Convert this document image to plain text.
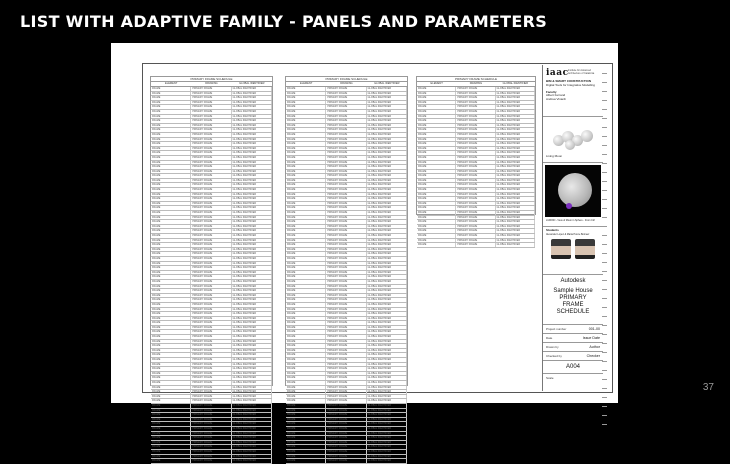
LIST WITH ADAPTIVE FAMILY - PANELS AND PARAMETERS
PRIMARY FRAME SCHEDULE
ELEMENT	DRAWING	GLOBAL IDENTIFIER
FRAME	PRIMARY FRAME	GLOBAL IDENTIFIER
FRAME	PRIMARY FRAME	GLOBAL IDENTIFIER
FRAME	PRIMARY FRAME	GLOBAL IDENTIFIER
FRAME	PRIMARY FRAME	GLOBAL IDENTIFIER
FRAME	PRIMARY FRAME	GLOBAL IDENTIFIER
FRAME	PRIMARY FRAME	GLOBAL IDENTIFIER
FRAME	PRIMARY FRAME	GLOBAL IDENTIFIER
FRAME	PRIMARY FRAME	GLOBAL IDENTIFIER
FRAME	PRIMARY FRAME	GLOBAL IDENTIFIER
FRAME	PRIMARY FRAME	GLOBAL IDENTIFIER
FRAME	PRIMARY FRAME	GLOBAL IDENTIFIER
FRAME	PRIMARY FRAME	GLOBAL IDENTIFIER
FRAME	PRIMARY FRAME	GLOBAL IDENTIFIER
FRAME	PRIMARY FRAME	GLOBAL IDENTIFIER
FRAME	PRIMARY FRAME	GLOBAL IDENTIFIER
FRAME	PRIMARY FRAME	GLOBAL IDENTIFIER
FRAME	PRIMARY FRAME	GLOBAL IDENTIFIER
FRAME	PRIMARY FRAME	GLOBAL IDENTIFIER
FRAME	PRIMARY FRAME	GLOBAL IDENTIFIER
FRAME	PRIMARY FRAME	GLOBAL IDENTIFIER
FRAME	PRIMARY FRAME	GLOBAL IDENTIFIER
FRAME	PRIMARY FRAME	GLOBAL IDENTIFIER
FRAME	PRIMARY FRAME	GLOBAL IDENTIFIER
FRAME	PRIMARY FRAME	GLOBAL IDENTIFIER
FRAME	PRIMARY FRAME	GLOBAL IDENTIFIER
FRAME	PRIMARY FRAME	GLOBAL IDENTIFIER
FRAME	PRIMARY FRAME	GLOBAL IDENTIFIER
FRAME	PRIMARY FRAME	GLOBAL IDENTIFIER
FRAME	PRIMARY FRAME	GLOBAL IDENTIFIER
FRAME	PRIMARY FRAME	GLOBAL IDENTIFIER
FRAME	PRIMARY FRAME	GLOBAL IDENTIFIER
FRAME	PRIMARY FRAME	GLOBAL IDENTIFIER
FRAME	PRIMARY FRAME	GLOBAL IDENTIFIER
FRAME	PRIMARY FRAME	GLOBAL IDENTIFIER
FRAME	PRIMARY FRAME	GLOBAL IDENTIFIER
FRAME	PRIMARY FRAME	GLOBAL IDENTIFIER
FRAME	PRIMARY FRAME	GLOBAL IDENTIFIER
FRAME	PRIMARY FRAME	GLOBAL IDENTIFIER
FRAME	PRIMARY FRAME	GLOBAL IDENTIFIER
FRAME	PRIMARY FRAME	GLOBAL IDENTIFIER
FRAME	PRIMARY FRAME	GLOBAL IDENTIFIER
FRAME	PRIMARY FRAME	GLOBAL IDENTIFIER
FRAME	PRIMARY FRAME	GLOBAL IDENTIFIER
FRAME	PRIMARY FRAME	GLOBAL IDENTIFIER
FRAME	PRIMARY FRAME	GLOBAL IDENTIFIER
FRAME	PRIMARY FRAME	GLOBAL IDENTIFIER
FRAME	PRIMARY FRAME	GLOBAL IDENTIFIER
FRAME	PRIMARY FRAME	GLOBAL IDENTIFIER
FRAME	PRIMARY FRAME	GLOBAL IDENTIFIER
FRAME	PRIMARY FRAME	GLOBAL IDENTIFIER
FRAME	PRIMARY FRAME	GLOBAL IDENTIFIER
FRAME	PRIMARY FRAME	GLOBAL IDENTIFIER
FRAME	PRIMARY FRAME	GLOBAL IDENTIFIER
FRAME	PRIMARY FRAME	GLOBAL IDENTIFIER
FRAME	PRIMARY FRAME	GLOBAL IDENTIFIER
FRAME	PRIMARY FRAME	GLOBAL IDENTIFIER
FRAME	PRIMARY FRAME	GLOBAL IDENTIFIER
FRAME	PRIMARY FRAME	GLOBAL IDENTIFIER
FRAME	PRIMARY FRAME	GLOBAL IDENTIFIER
FRAME	PRIMARY FRAME	GLOBAL IDENTIFIER
FRAME	PRIMARY FRAME	GLOBAL IDENTIFIER
FRAME	PRIMARY FRAME	GLOBAL IDENTIFIER
FRAME	PRIMARY FRAME	GLOBAL IDENTIFIER
FRAME	PRIMARY FRAME	GLOBAL IDENTIFIER
FRAME	PRIMARY FRAME	GLOBAL IDENTIFIER
FRAME	PRIMARY FRAME	GLOBAL IDENTIFIER
FRAME	PRIMARY FRAME	GLOBAL IDENTIFIER
FRAME	PRIMARY FRAME	GLOBAL IDENTIFIER
FRAME	PRIMARY FRAME	GLOBAL IDENTIFIER
FRAME	PRIMARY FRAME	GLOBAL IDENTIFIER
FRAME	PRIMARY FRAME	GLOBAL IDENTIFIER
FRAME	PRIMARY FRAME	GLOBAL IDENTIFIER
FRAME	PRIMARY FRAME	GLOBAL IDENTIFIER
FRAME	PRIMARY FRAME	GLOBAL IDENTIFIER
FRAME	PRIMARY FRAME	GLOBAL IDENTIFIER
FRAME	PRIMARY FRAME	GLOBAL IDENTIFIER
FRAME	PRIMARY FRAME	GLOBAL IDENTIFIER
FRAME	PRIMARY FRAME	GLOBAL IDENTIFIER
FRAME	PRIMARY FRAME	GLOBAL IDENTIFIER
FRAME	PRIMARY FRAME	GLOBAL IDENTIFIER
FRAME	PRIMARY FRAME	GLOBAL IDENTIFIER
FRAME	PRIMARY FRAME	GLOBAL IDENTIFIER
PRIMARY FRAME SCHEDULE
ELEMENT	DRAWING	GLOBAL IDENTIFIER
FRAME	PRIMARY FRAME	GLOBAL IDENTIFIER
FRAME	PRIMARY FRAME	GLOBAL IDENTIFIER
FRAME	PRIMARY FRAME	GLOBAL IDENTIFIER
FRAME	PRIMARY FRAME	GLOBAL IDENTIFIER
FRAME	PRIMARY FRAME	GLOBAL IDENTIFIER
FRAME	PRIMARY FRAME	GLOBAL IDENTIFIER
FRAME	PRIMARY FRAME	GLOBAL IDENTIFIER
FRAME	PRIMARY FRAME	GLOBAL IDENTIFIER
FRAME	PRIMARY FRAME	GLOBAL IDENTIFIER
FRAME	PRIMARY FRAME	GLOBAL IDENTIFIER
FRAME	PRIMARY FRAME	GLOBAL IDENTIFIER
FRAME	PRIMARY FRAME	GLOBAL IDENTIFIER
FRAME	PRIMARY FRAME	GLOBAL IDENTIFIER
FRAME	PRIMARY FRAME	GLOBAL IDENTIFIER
FRAME	PRIMARY FRAME	GLOBAL IDENTIFIER
FRAME	PRIMARY FRAME	GLOBAL IDENTIFIER
FRAME	PRIMARY FRAME	GLOBAL IDENTIFIER
FRAME	PRIMARY FRAME	GLOBAL IDENTIFIER
FRAME	PRIMARY FRAME	GLOBAL IDENTIFIER
FRAME	PRIMARY FRAME	GLOBAL IDENTIFIER
FRAME	PRIMARY FRAME	GLOBAL IDENTIFIER
FRAME	PRIMARY FRAME	GLOBAL IDENTIFIER
FRAME	PRIMARY FRAME	GLOBAL IDENTIFIER
FRAME	PRIMARY FRAME	GLOBAL IDENTIFIER
FRAME	PRIMARY FRAME	GLOBAL IDENTIFIER
FRAME	PRIMARY FRAME	GLOBAL IDENTIFIER
FRAME	PRIMARY FRAME	GLOBAL IDENTIFIER
FRAME	PRIMARY FRAME	GLOBAL IDENTIFIER
FRAME	PRIMARY FRAME	GLOBAL IDENTIFIER
FRAME	PRIMARY FRAME	GLOBAL IDENTIFIER
FRAME	PRIMARY FRAME	GLOBAL IDENTIFIER
FRAME	PRIMARY FRAME	GLOBAL IDENTIFIER
FRAME	PRIMARY FRAME	GLOBAL IDENTIFIER
FRAME	PRIMARY FRAME	GLOBAL IDENTIFIER
FRAME	PRIMARY FRAME	GLOBAL IDENTIFIER
FRAME	PRIMARY FRAME	GLOBAL IDENTIFIER
FRAME	PRIMARY FRAME	GLOBAL IDENTIFIER
FRAME	PRIMARY FRAME	GLOBAL IDENTIFIER
FRAME	PRIMARY FRAME	GLOBAL IDENTIFIER
FRAME	PRIMARY FRAME	GLOBAL IDENTIFIER
FRAME	PRIMARY FRAME	GLOBAL IDENTIFIER
FRAME	PRIMARY FRAME	GLOBAL IDENTIFIER
FRAME	PRIMARY FRAME	GLOBAL IDENTIFIER
FRAME	PRIMARY FRAME	GLOBAL IDENTIFIER
FRAME	PRIMARY FRAME	GLOBAL IDENTIFIER
FRAME	PRIMARY FRAME	GLOBAL IDENTIFIER
FRAME	PRIMARY FRAME	GLOBAL IDENTIFIER
FRAME	PRIMARY FRAME	GLOBAL IDENTIFIER
FRAME	PRIMARY FRAME	GLOBAL IDENTIFIER
FRAME	PRIMARY FRAME	GLOBAL IDENTIFIER
FRAME	PRIMARY FRAME	GLOBAL IDENTIFIER
FRAME	PRIMARY FRAME	GLOBAL IDENTIFIER
FRAME	PRIMARY FRAME	GLOBAL IDENTIFIER
FRAME	PRIMARY FRAME	GLOBAL IDENTIFIER
FRAME	PRIMARY FRAME	GLOBAL IDENTIFIER
FRAME	PRIMARY FRAME	GLOBAL IDENTIFIER
FRAME	PRIMARY FRAME	GLOBAL IDENTIFIER
FRAME	PRIMARY FRAME	GLOBAL IDENTIFIER
FRAME	PRIMARY FRAME	GLOBAL IDENTIFIER
FRAME	PRIMARY FRAME	GLOBAL IDENTIFIER
FRAME	PRIMARY FRAME	GLOBAL IDENTIFIER
FRAME	PRIMARY FRAME	GLOBAL IDENTIFIER
FRAME	PRIMARY FRAME	GLOBAL IDENTIFIER
FRAME	PRIMARY FRAME	GLOBAL IDENTIFIER
FRAME	PRIMARY FRAME	GLOBAL IDENTIFIER
FRAME	PRIMARY FRAME	GLOBAL IDENTIFIER
FRAME	PRIMARY FRAME	GLOBAL IDENTIFIER
FRAME	PRIMARY FRAME	GLOBAL IDENTIFIER
FRAME	PRIMARY FRAME	GLOBAL IDENTIFIER
FRAME	PRIMARY FRAME	GLOBAL IDENTIFIER
FRAME	PRIMARY FRAME	GLOBAL IDENTIFIER
FRAME	PRIMARY FRAME	GLOBAL IDENTIFIER
FRAME	PRIMARY FRAME	GLOBAL IDENTIFIER
FRAME	PRIMARY FRAME	GLOBAL IDENTIFIER
FRAME	PRIMARY FRAME	GLOBAL IDENTIFIER
FRAME	PRIMARY FRAME	GLOBAL IDENTIFIER
FRAME	PRIMARY FRAME	GLOBAL IDENTIFIER
FRAME	PRIMARY FRAME	GLOBAL IDENTIFIER
FRAME	PRIMARY FRAME	GLOBAL IDENTIFIER
FRAME	PRIMARY FRAME	GLOBAL IDENTIFIER
FRAME	PRIMARY FRAME	GLOBAL IDENTIFIER
FRAME	PRIMARY FRAME	GLOBAL IDENTIFIER
PRIMARY FRAME SCHEDULE
ELEMENT	DRAWING	GLOBAL IDENTIFIER
FRAME	PRIMARY FRAME	GLOBAL IDENTIFIER
FRAME	PRIMARY FRAME	GLOBAL IDENTIFIER
FRAME	PRIMARY FRAME	GLOBAL IDENTIFIER
FRAME	PRIMARY FRAME	GLOBAL IDENTIFIER
FRAME	PRIMARY FRAME	GLOBAL IDENTIFIER
FRAME	PRIMARY FRAME	GLOBAL IDENTIFIER
FRAME	PRIMARY FRAME	GLOBAL IDENTIFIER
FRAME	PRIMARY FRAME	GLOBAL IDENTIFIER
FRAME	PRIMARY FRAME	GLOBAL IDENTIFIER
FRAME	PRIMARY FRAME	GLOBAL IDENTIFIER
FRAME	PRIMARY FRAME	GLOBAL IDENTIFIER
FRAME	PRIMARY FRAME	GLOBAL IDENTIFIER
FRAME	PRIMARY FRAME	GLOBAL IDENTIFIER
FRAME	PRIMARY FRAME	GLOBAL IDENTIFIER
FRAME	PRIMARY FRAME	GLOBAL IDENTIFIER
FRAME	PRIMARY FRAME	GLOBAL IDENTIFIER
FRAME	PRIMARY FRAME	GLOBAL IDENTIFIER
FRAME	PRIMARY FRAME	GLOBAL IDENTIFIER
FRAME	PRIMARY FRAME	GLOBAL IDENTIFIER
FRAME	PRIMARY FRAME	GLOBAL IDENTIFIER
FRAME	PRIMARY FRAME	GLOBAL IDENTIFIER
FRAME	PRIMARY FRAME	GLOBAL IDENTIFIER
FRAME	PRIMARY FRAME	GLOBAL IDENTIFIER
FRAME	PRIMARY FRAME	GLOBAL IDENTIFIER
FRAME	PRIMARY FRAME	GLOBAL IDENTIFIER
FRAME	PRIMARY FRAME	GLOBAL IDENTIFIER
FRAME	PRIMARY FRAME	GLOBAL IDENTIFIER
FRAME	PRIMARY FRAME	GLOBAL IDENTIFIER
FRAME	PRIMARY FRAME	GLOBAL IDENTIFIER
FRAME	PRIMARY FRAME	GLOBAL IDENTIFIER
FRAME	PRIMARY FRAME	GLOBAL IDENTIFIER
FRAME	PRIMARY FRAME	GLOBAL IDENTIFIER
FRAME	PRIMARY FRAME	GLOBAL IDENTIFIER
FRAME	PRIMARY FRAME	GLOBAL IDENTIFIER
FRAME	PRIMARY FRAME	GLOBAL IDENTIFIER
iaac Institute for Advanced Architecture of Catalonia
BIM & SMART CONSTRUCTION
Digital Tools for Integrative Modelling
Faculty
Albert Ferrand
Andrea Vinardi
Living Moon
LUMINO - View of Moon in Sphere - From Ctrl
Students
Alexander Lopez & Maria Ponce Borraez
Autodesk
Sample House
PRIMARY FRAME SCHEDULE
Project number	001-00
Date	Issue Date
Drawn by	Author
Checked by	Checker
A004
Scale
37
